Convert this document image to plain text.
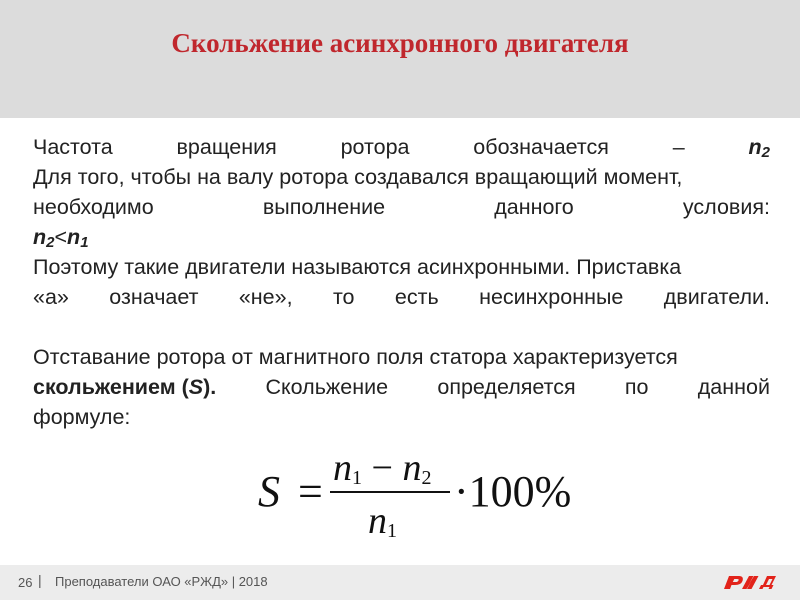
Скольжение асинхронного двигателя
Частота	вращения	ротора	обозначается	–	$n_2$
Для того, чтобы на валу ротора создавался вращающий момент,
необходимо	выполнение	данного	условия:
$n_2<n_1$
Поэтому такие двигатели называются асинхронными. Приставка
«а» означает «не», то есть несинхронные двигатели.
Отставание ротора от магнитного поля статора характеризуется
скольжением (S). Скольжение определяется по данной
формуле:
$S = n_1 - n_2$
$n_1$
·100%
26 | Преподаватели ОАО «РЖД» | 2018
